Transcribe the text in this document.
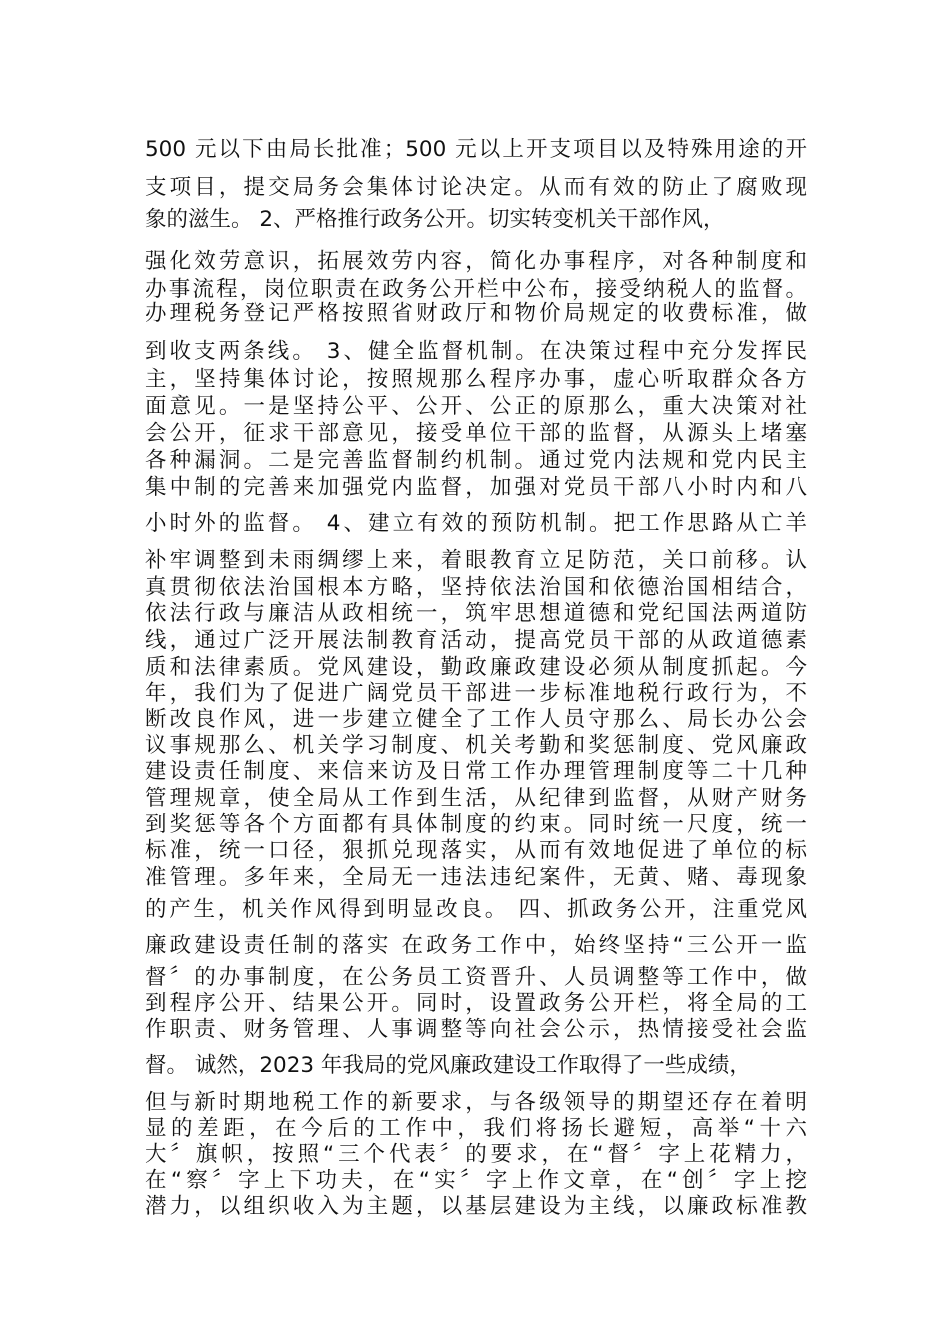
500 元以下由局长批准；500 元以上开支项目以及特殊用途的开
支项目，提交局务会集体讨论决定。从而有效的防止了腐败现
象的滋生。 2、严格推行政务公开。切实转变机关干部作风，
强化效劳意识，拓展效劳内容，简化办事程序，对各种制度和
办事流程，岗位职责在政务公开栏中公布，接受纳税人的监督。
办理税务登记严格按照省财政厅和物价局规定的收费标准，做
到收支两条线。 3、健全监督机制。在决策过程中充分发挥民
主，坚持集体讨论，按照规那么程序办事，虚心听取群众各方
面意见。一是坚持公平、公开、公正的原那么，重大决策对社
会公开，征求干部意见，接受单位干部的监督，从源头上堵塞
各种漏洞。二是完善监督制约机制。通过党内法规和党内民主
集中制的完善来加强党内监督，加强对党员干部八小时内和八
小时外的监督。 4、建立有效的预防机制。把工作思路从亡羊
补牢调整到未雨绸缪上来，着眼教育立足防范，关口前移。认
真贯彻依法治国根本方略，坚持依法治国和依德治国相结合，
依法行政与廉洁从政相统一，筑牢思想道德和党纪国法两道防
线，通过广泛开展法制教育活动，提高党员干部的从政道德素
质和法律素质。党风建设，勤政廉政建设必须从制度抓起。今
年，我们为了促进广阔党员干部进一步标准地税行政行为，不
断改良作风，进一步建立健全了工作人员守那么、局长办公会
议事规那么、机关学习制度、机关考勤和奖惩制度、党风廉政
建设责任制度、来信来访及日常工作办理管理制度等二十几种
管理规章，使全局从工作到生活，从纪律到监督，从财产财务
到奖惩等各个方面都有具体制度的约束。同时统一尺度，统一
标准，统一口径，狠抓兑现落实，从而有效地促进了单位的标
准管理。多年来，全局无一违法违纪案件，无黄、赌、毒现象
的产生，机关作风得到明显改良。 四、抓政务公开，注重党风
廉政建设责任制的落实 在政务工作中，始终坚持“三公开一监
督〞的办事制度，在公务员工资晋升、人员调整等工作中，做
到程序公开、结果公开。同时，设置政务公开栏，将全局的工
作职责、财务管理、人事调整等向社会公示，热情接受社会监
督。 诚然，2023 年我局的党风廉政建设工作取得了一些成绩，
但与新时期地税工作的新要求，与各级领导的期望还存在着明
显的差距，在今后的工作中，我们将扬长避短，高举“十六
大〞旗帜，按照“三个代表〞的要求，在“督〞字上花精力，
在“察〞字上下功夫，在“实〞字上作文章，在“创〞字上挖
潜力，以组织收入为主题，以基层建设为主线，以廉政标准教
